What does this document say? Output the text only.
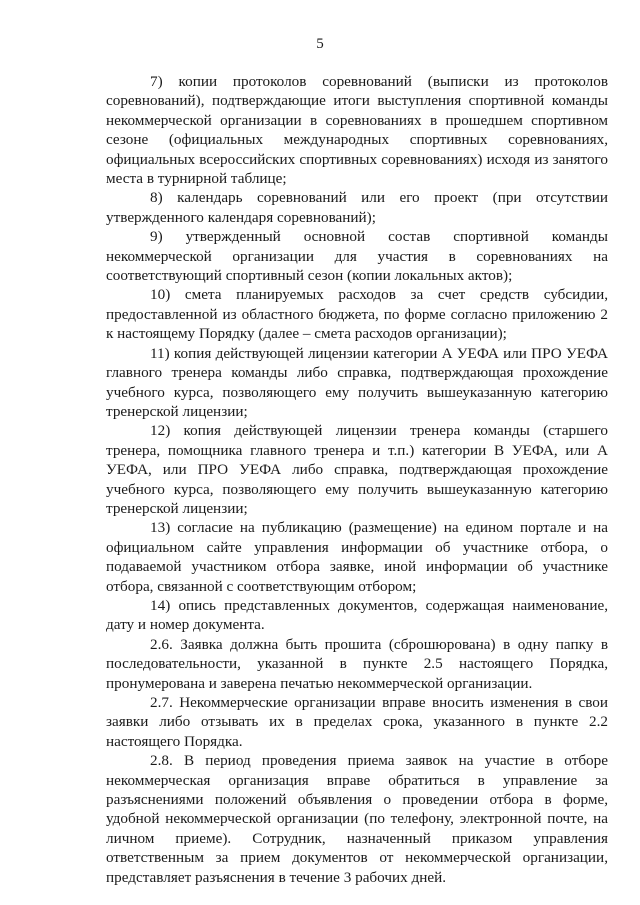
5

7) копии протоколов соревнований (выписки из протоколов соревнований), подтверждающие итоги выступления спортивной команды некоммерческой организации в соревнованиях в прошедшем спортивном сезоне (официальных международных спортивных соревнованиях, официальных всероссийских спортивных соревнованиях) исходя из занятого места в турнирной таблице;

8) календарь соревнований или его проект (при отсутствии утвержденного календаря соревнований);

9) утвержденный основной состав спортивной команды некоммерческой организации для участия в соревнованиях на соответствующий спортивный сезон (копии локальных актов);

10) смета планируемых расходов за счет средств субсидии, предоставленной из областного бюджета, по форме согласно приложению 2 к настоящему Порядку (далее – смета расходов организации);

11) копия действующей лицензии категории А УЕФА или ПРО УЕФА главного тренера команды либо справка, подтверждающая прохождение учебного курса, позволяющего ему получить вышеуказанную категорию тренерской лицензии;

12) копия действующей лицензии тренера команды (старшего тренера, помощника главного тренера и т.п.) категории В УЕФА, или А УЕФА, или ПРО УЕФА либо справка, подтверждающая прохождение учебного курса, позволяющего ему получить вышеуказанную категорию тренерской лицензии;

13) согласие на публикацию (размещение) на едином портале и на официальном сайте управления информации об участнике отбора, о подаваемой участником отбора заявке, иной информации об участнике отбора, связанной с соответствующим отбором;

14) опись представленных документов, содержащая наименование, дату и номер документа.

2.6. Заявка должна быть прошита (сброшюрована) в одну папку в последовательности, указанной в пункте 2.5 настоящего Порядка, пронумерована и заверена печатью некоммерческой организации.

2.7. Некоммерческие организации вправе вносить изменения в свои заявки либо отзывать их в пределах срока, указанного в пункте 2.2 настоящего Порядка.

2.8. В период проведения приема заявок на участие в отборе некоммерческая организация вправе обратиться в управление за разъяснениями положений объявления о проведении отбора в форме, удобной некоммерческой организации (по телефону, электронной почте, на личном приеме). Сотрудник, назначенный приказом управления ответственным за прием документов от некоммерческой организации, представляет разъяснения в течение 3 рабочих дней.
